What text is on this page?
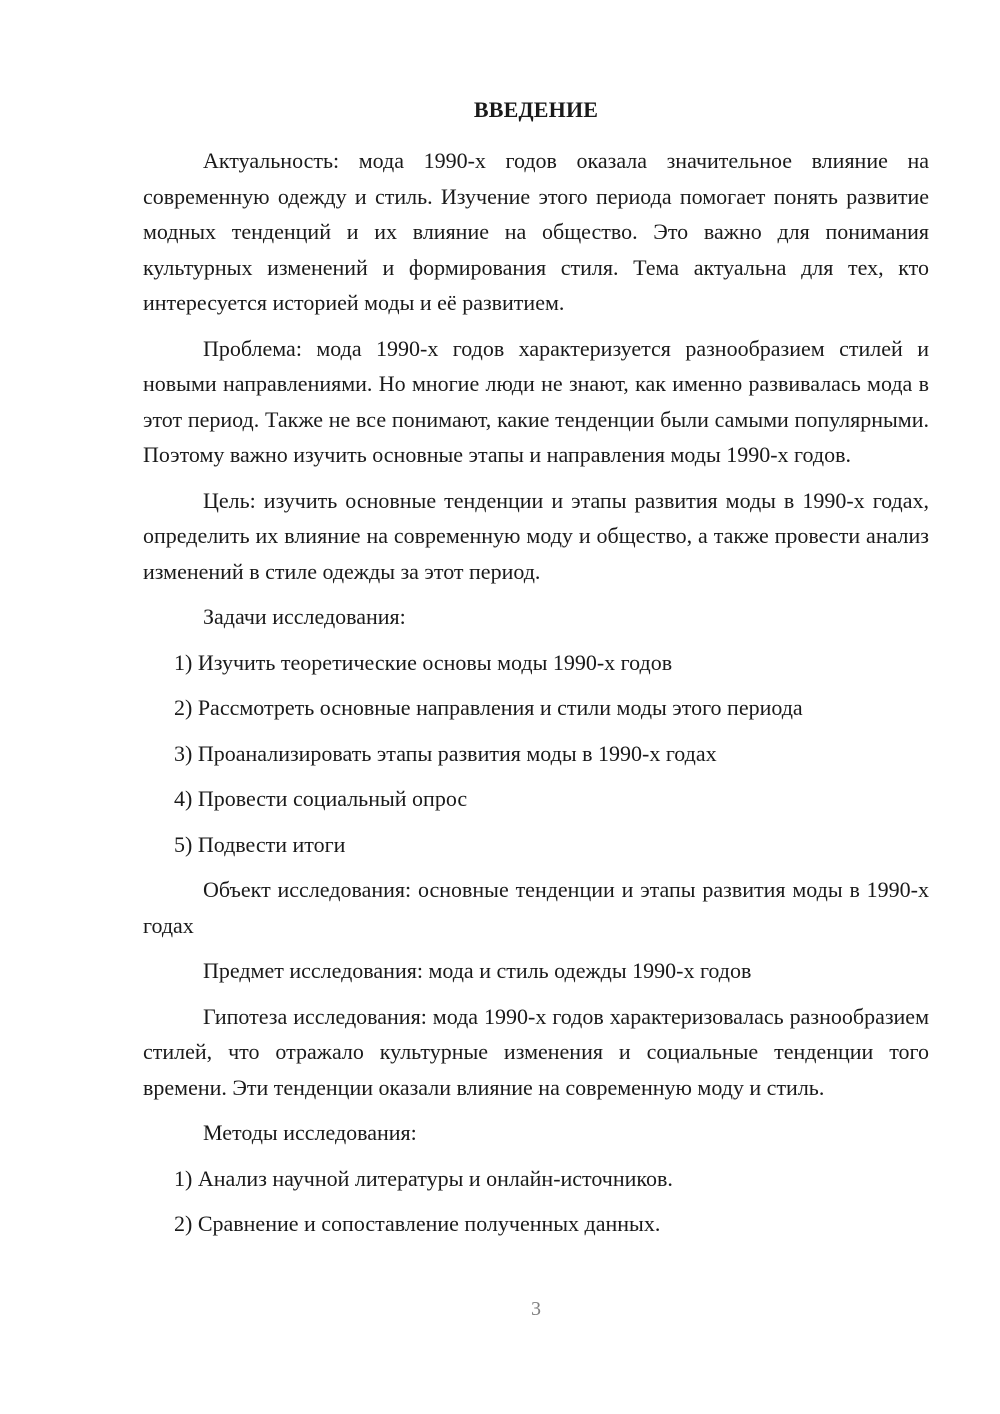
ВВЕДЕНИЕ

Актуальность: мода 1990-х годов оказала значительное влияние на современную одежду и стиль. Изучение этого периода помогает понять развитие модных тенденций и их влияние на общество. Это важно для понимания культурных изменений и формирования стиля. Тема актуальна для тех, кто интересуется историей моды и её развитием.

Проблема: мода 1990-х годов характеризуется разнообразием стилей и новыми направлениями. Но многие люди не знают, как именно развивалась мода в этот период. Также не все понимают, какие тенденции были самыми популярными. Поэтому важно изучить основные этапы и направления моды 1990-х годов.

Цель: изучить основные тенденции и этапы развития моды в 1990-х годах, определить их влияние на современную моду и общество, а также провести анализ изменений в стиле одежды за этот период.

Задачи исследования:

1) Изучить теоретические основы моды 1990-х годов
2) Рассмотреть основные направления и стили моды этого периода
3) Проанализировать этапы развития моды в 1990-х годах
4) Провести социальный опрос
5) Подвести итоги

Объект исследования: основные тенденции и этапы развития моды в 1990-х годах

Предмет исследования: мода и стиль одежды 1990-х годов

Гипотеза исследования: мода 1990-х годов характеризовалась разнообразием стилей, что отражало культурные изменения и социальные тенденции того времени. Эти тенденции оказали влияние на современную моду и стиль.

Методы исследования:

1) Анализ научной литературы и онлайн-источников.
2) Сравнение и сопоставление полученных данных.
3
